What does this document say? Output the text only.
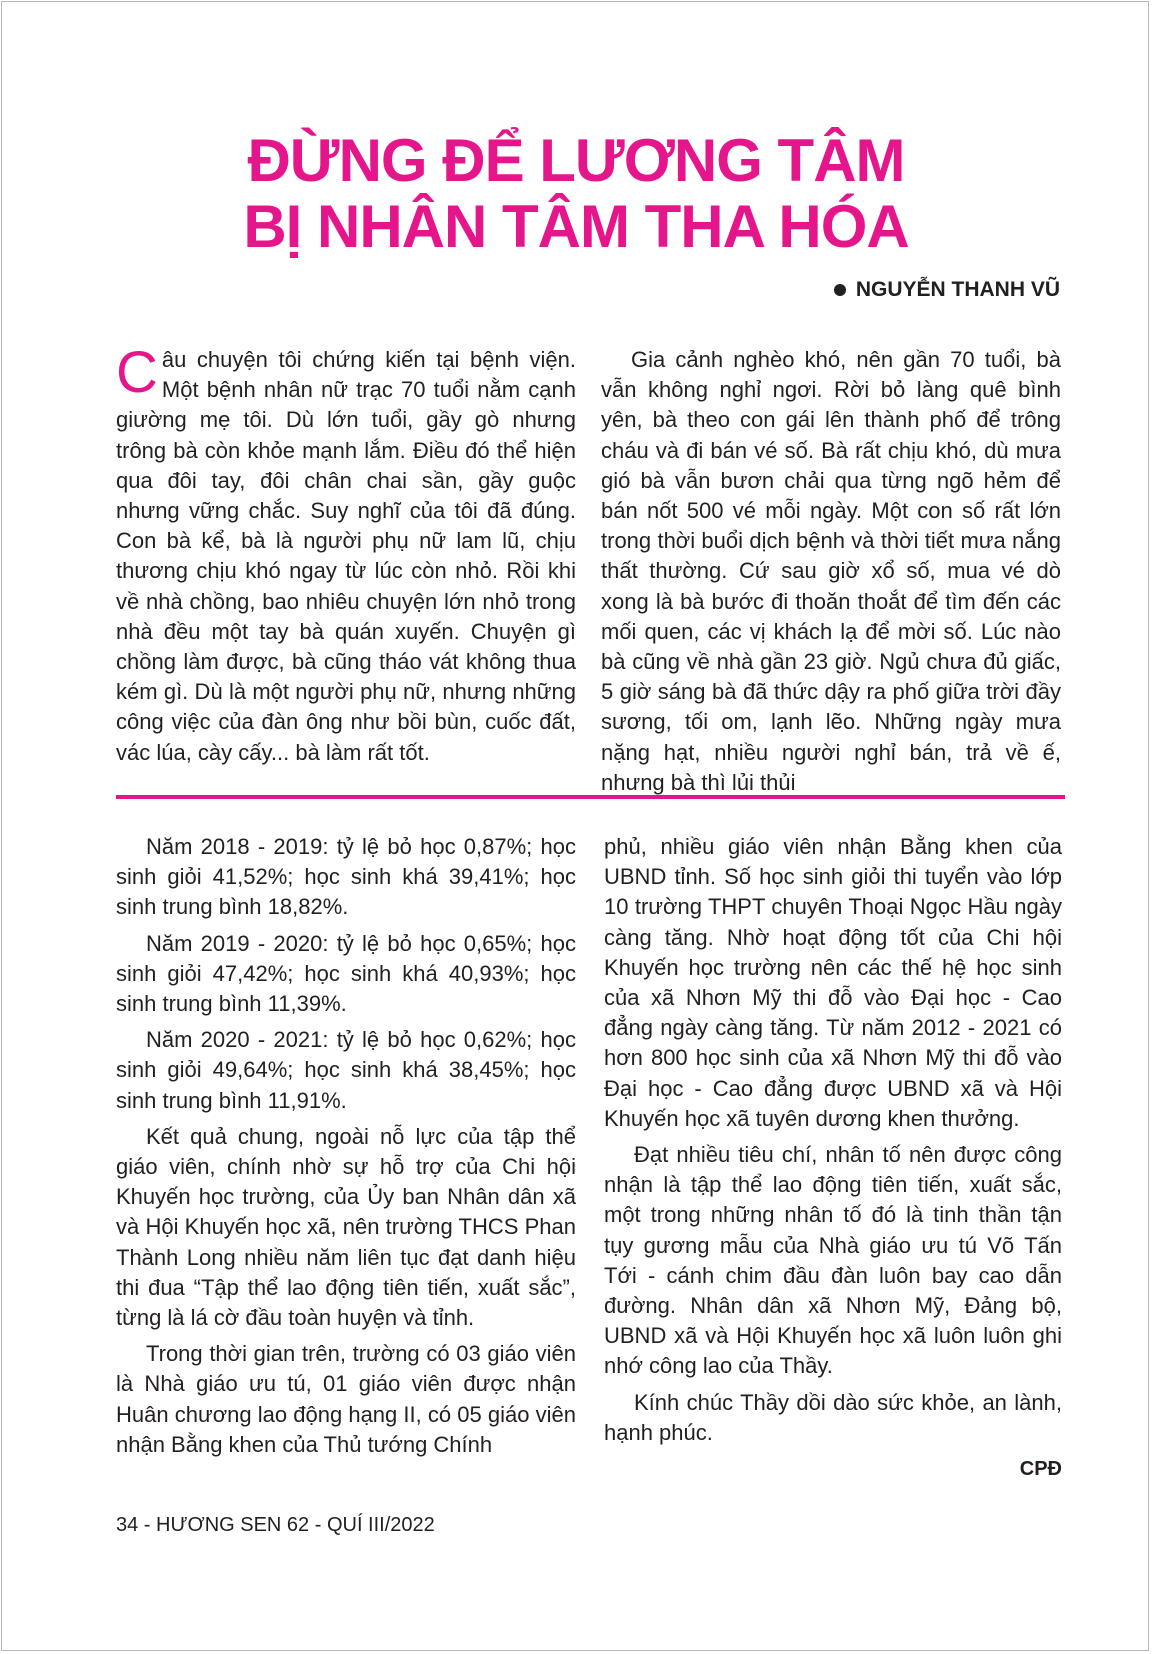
ĐỪNG ĐỂ LƯƠNG TÂM
BỊ NHÂN TÂM THA HÓA
NGUYỄN THANH VŨ

Câu chuyện tôi chứng kiến tại bệnh viện. Một bệnh nhân nữ trạc 70 tuổi nằm cạnh giường mẹ tôi. Dù lớn tuổi, gầy gò nhưng trông bà còn khỏe mạnh lắm. Điều đó thể hiện qua đôi tay, đôi chân chai sần, gầy guộc nhưng vững chắc. Suy nghĩ của tôi đã đúng. Con bà kể, bà là người phụ nữ lam lũ, chịu thương chịu khó ngay từ lúc còn nhỏ. Rồi khi về nhà chồng, bao nhiêu chuyện lớn nhỏ trong nhà đều một tay bà quán xuyến. Chuyện gì chồng làm được, bà cũng tháo vát không thua kém gì. Dù là một người phụ nữ, nhưng những công việc của đàn ông như bồi bùn, cuốc đất, vác lúa, cày cấy... bà làm rất tốt.

Gia cảnh nghèo khó, nên gần 70 tuổi, bà vẫn không nghỉ ngơi. Rời bỏ làng quê bình yên, bà theo con gái lên thành phố để trông cháu và đi bán vé số. Bà rất chịu khó, dù mưa gió bà vẫn bươn chải qua từng ngõ hẻm để bán nốt 500 vé mỗi ngày. Một con số rất lớn trong thời buổi dịch bệnh và thời tiết mưa nắng thất thường. Cứ sau giờ xổ số, mua vé dò xong là bà bước đi thoăn thoắt để tìm đến các mối quen, các vị khách lạ để mời số. Lúc nào bà cũng về nhà gần 23 giờ. Ngủ chưa đủ giấc, 5 giờ sáng bà đã thức dậy ra phố giữa trời đầy sương, tối om, lạnh lẽo. Những ngày mưa nặng hạt, nhiều người nghỉ bán, trả về ế, nhưng bà thì lủi thủi

Năm 2018 - 2019: tỷ lệ bỏ học 0,87%; học sinh giỏi 41,52%; học sinh khá 39,41%; học sinh trung bình 18,82%.

Năm 2019 - 2020: tỷ lệ bỏ học 0,65%; học sinh giỏi 47,42%; học sinh khá 40,93%; học sinh trung bình 11,39%.

Năm 2020 - 2021: tỷ lệ bỏ học 0,62%; học sinh giỏi 49,64%; học sinh khá 38,45%; học sinh trung bình 11,91%.

Kết quả chung, ngoài nỗ lực của tập thể giáo viên, chính nhờ sự hỗ trợ của Chi hội Khuyến học trường, của Ủy ban Nhân dân xã và Hội Khuyến học xã, nên trường THCS Phan Thành Long nhiều năm liên tục đạt danh hiệu thi đua “Tập thể lao động tiên tiến, xuất sắc”, từng là lá cờ đầu toàn huyện và tỉnh.

Trong thời gian trên, trường có 03 giáo viên là Nhà giáo ưu tú, 01 giáo viên được nhận Huân chương lao động hạng II, có 05 giáo viên nhận Bằng khen của Thủ tướng Chính

phủ, nhiều giáo viên nhận Bằng khen của UBND tỉnh. Số học sinh giỏi thi tuyển vào lớp 10 trường THPT chuyên Thoại Ngọc Hầu ngày càng tăng. Nhờ hoạt động tốt của Chi hội Khuyến học trường nên các thế hệ học sinh của xã Nhơn Mỹ thi đỗ vào Đại học - Cao đẳng ngày càng tăng. Từ năm 2012 - 2021 có hơn 800 học sinh của xã Nhơn Mỹ thi đỗ vào Đại học - Cao đẳng được UBND xã và Hội Khuyến học xã tuyên dương khen thưởng.

Đạt nhiều tiêu chí, nhân tố nên được công nhận là tập thể lao động tiên tiến, xuất sắc, một trong những nhân tố đó là tinh thần tận tụy gương mẫu của Nhà giáo ưu tú Võ Tấn Tới - cánh chim đầu đàn luôn bay cao dẫn đường. Nhân dân xã Nhơn Mỹ, Đảng bộ, UBND xã và Hội Khuyến học xã luôn luôn ghi nhớ công lao của Thầy.

Kính chúc Thầy dồi dào sức khỏe, an lành, hạnh phúc.

CPĐ
34 - HƯƠNG SEN 62 - QUÍ III/2022
